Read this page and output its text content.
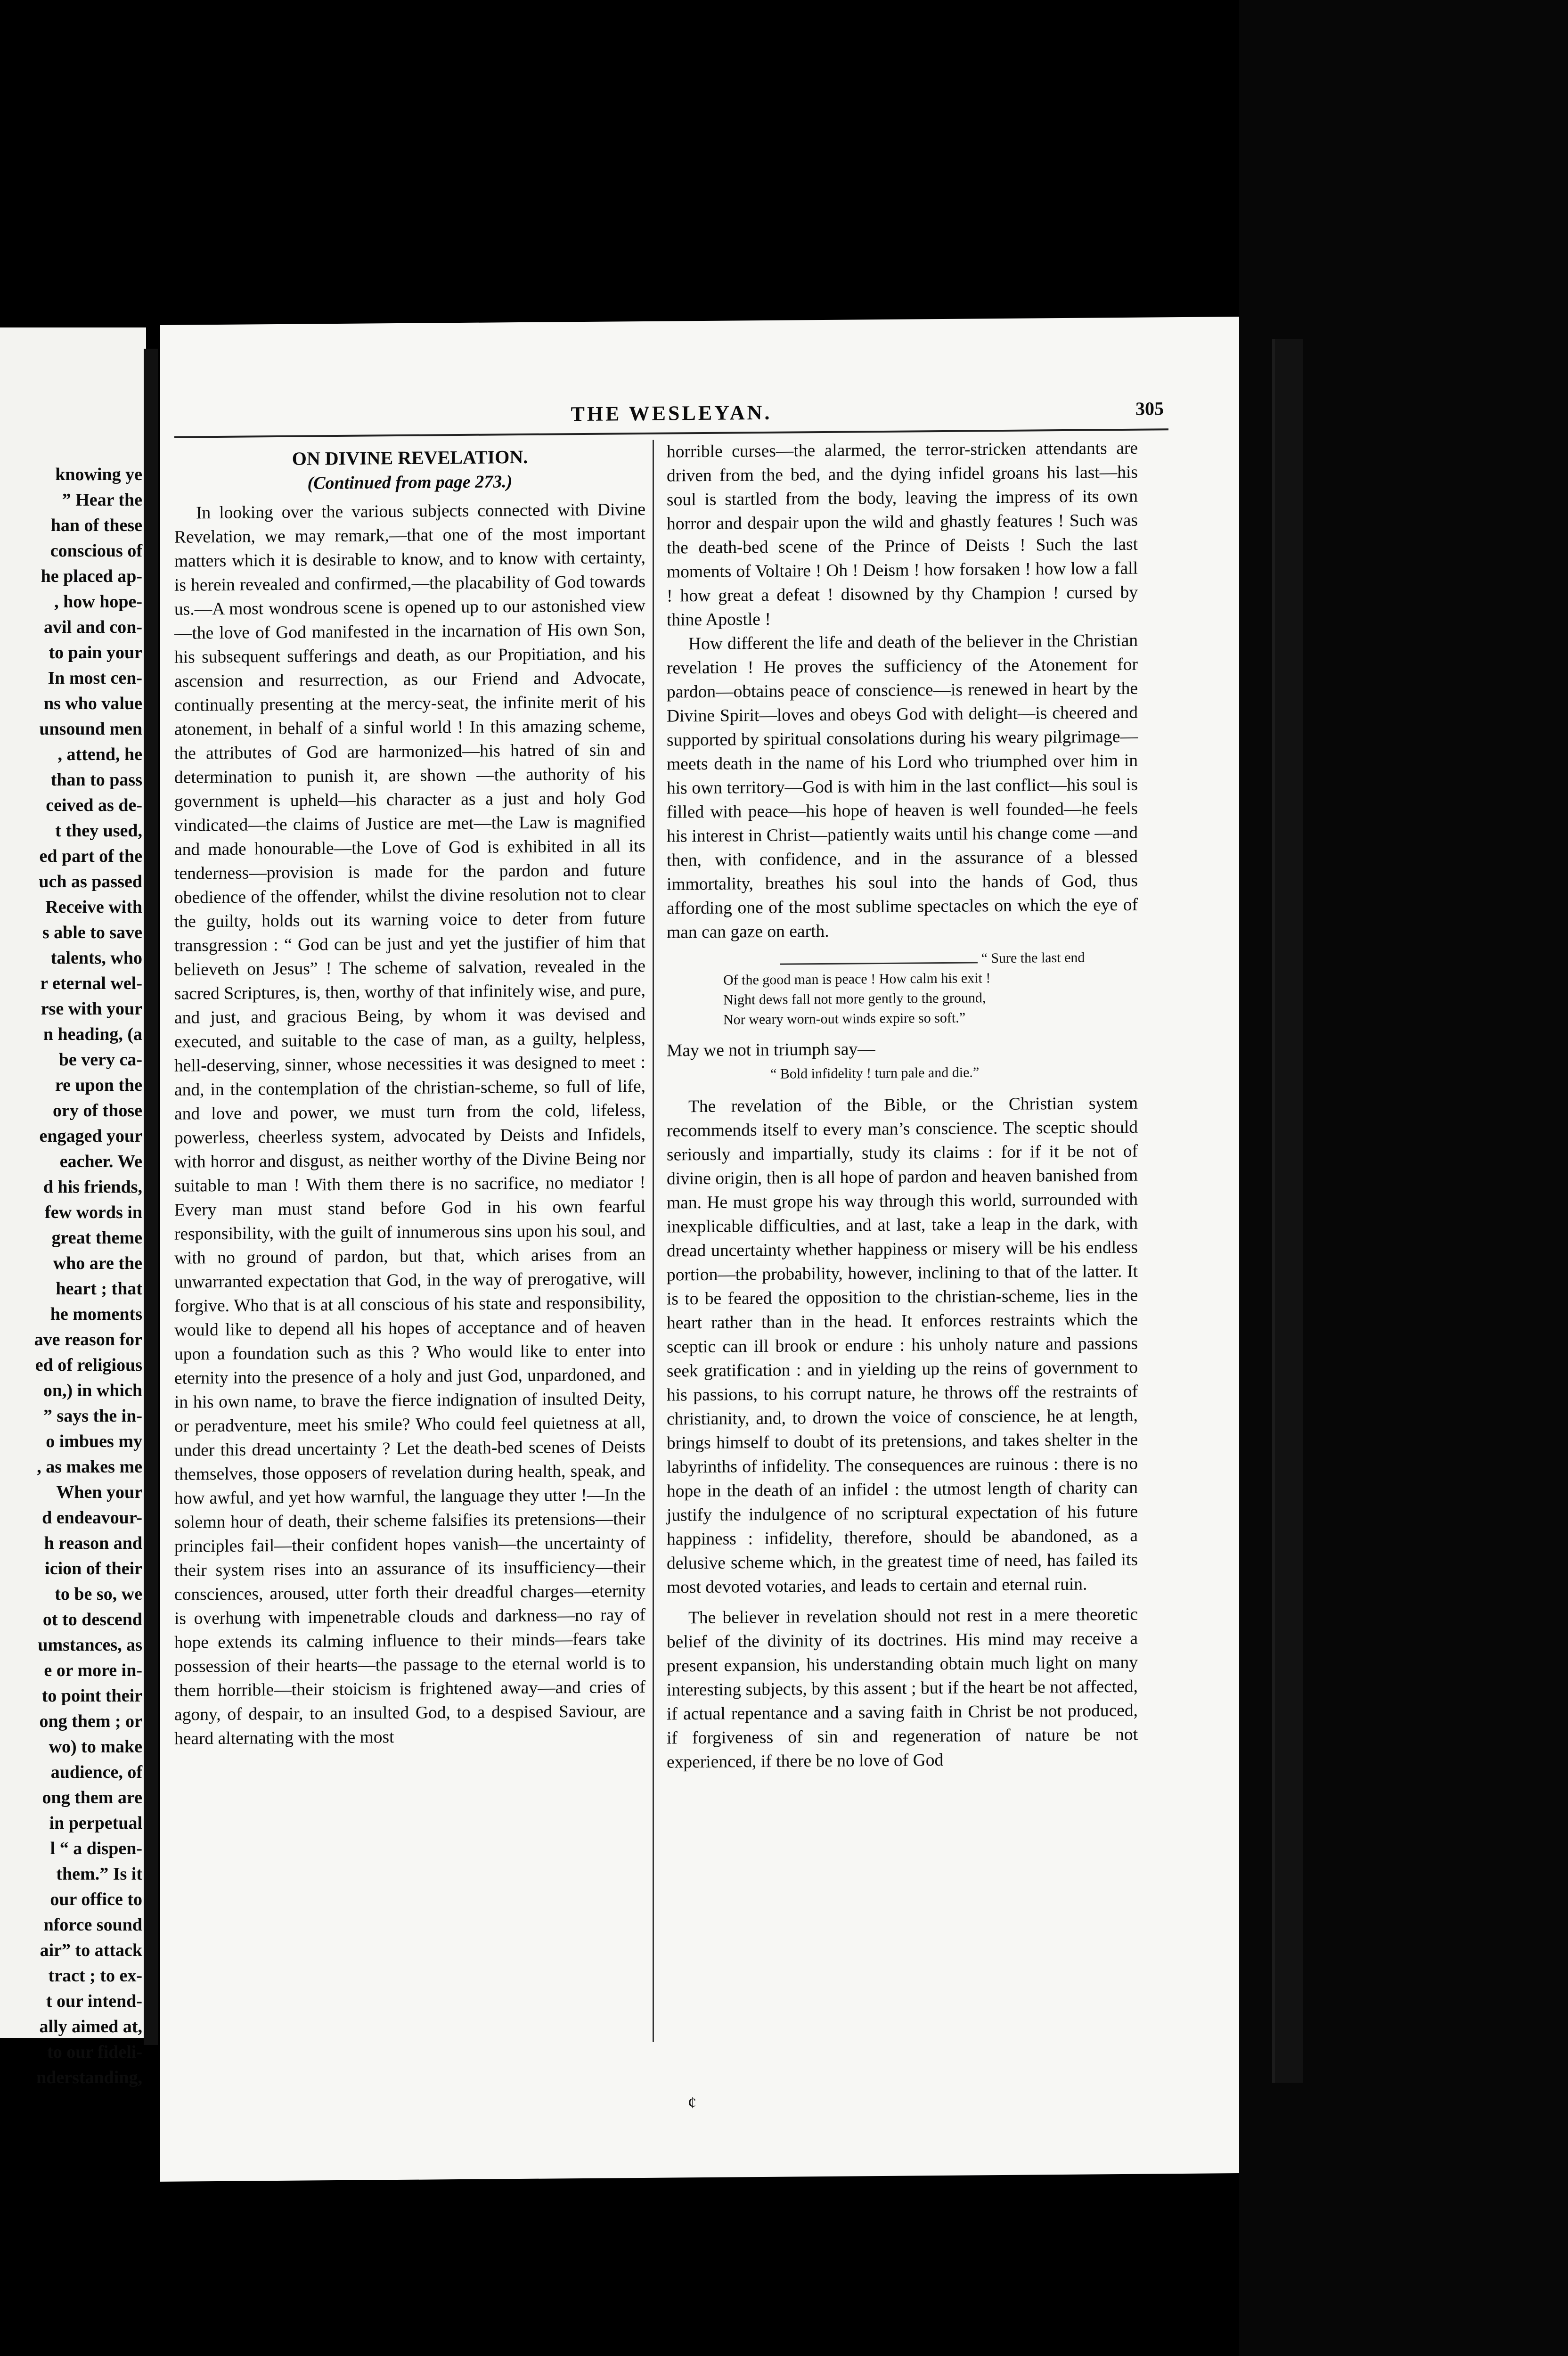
knowing ye
” Hear the
han of these
conscious of
he placed ap-
, how hope-
avil and con-
to pain your
In most cen-
ns who value
unsound men
, attend, he
than to pass
ceived as de-
t they used,
ed part of the
uch as passed
Receive with
s able to save
talents, who
r eternal wel-
rse with your
n heading, (a
be very ca-
re upon the
ory of those
engaged your
eacher. We
d his friends,
few words in
great theme
who are the
heart ; that
he moments
ave reason for
ed of religious
on,) in which
” says the in-
o imbues my
, as makes me
When your
d endeavour-
h reason and
icion of their
to be so, we
ot to descend
umstances, as
e or more in-
to point their
ong them ; or
wo) to make
audience, of
ong them are
in perpetual
l “ a dispen-
them.” Is it
our office to
nforce sound
air” to attack
tract ; to ex-
t our intend-
ally aimed at,
to our fideli-
nderstanding,
THE WESLEYAN.	305
ON DIVINE REVELATION.
(Continued from page 273.)

In looking over the various subjects connected with Divine Revelation, we may remark,—that one of the most important matters which it is desirable to know, and to know with certainty, is herein revealed and confirmed,—the placability of God towards us.—A most wondrous scene is opened up to our astonished view—the love of God manifested in the incarnation of His own Son, his subsequent sufferings and death, as our Propitiation, and his ascension and resurrection, as our Friend and Advocate, continually presenting at the mercy-seat, the infinite merit of his atonement, in behalf of a sinful world ! In this amazing scheme, the attributes of God are harmonized—his hatred of sin and determination to punish it, are shown —the authority of his government is upheld—his character as a just and holy God vindicated—the claims of Justice are met—the Law is magnified and made honourable—the Love of God is exhibited in all its tenderness—provision is made for the pardon and future obedience of the offender, whilst the divine resolution not to clear the guilty, holds out its warning voice to deter from future transgression : “ God can be just and yet the justifier of him that believeth on Jesus” ! The scheme of salvation, revealed in the sacred Scriptures, is, then, worthy of that infinitely wise, and pure, and just, and gracious Being, by whom it was devised and executed, and suitable to the case of man, as a guilty, helpless, hell-deserving, sinner, whose necessities it was designed to meet : and, in the contemplation of the christian-scheme, so full of life, and love and power, we must turn from the cold, lifeless, powerless, cheerless system, advocated by Deists and Infidels, with horror and disgust, as neither worthy of the Divine Being nor suitable to man ! With them there is no sacrifice, no mediator ! Every man must stand before God in his own fearful responsibility, with the guilt of innumerous sins upon his soul, and with no ground of pardon, but that, which arises from an unwarranted expectation that God, in the way of prerogative, will forgive. Who that is at all conscious of his state and responsibility, would like to depend all his hopes of acceptance and of heaven upon a foundation such as this ? Who would like to enter into eternity into the presence of a holy and just God, unpardoned, and in his own name, to brave the fierce indignation of insulted Deity, or peradventure, meet his smile? Who could feel quietness at all, under this dread uncertainty ? Let the death-bed scenes of Deists themselves, those opposers of revelation during health, speak, and how awful, and yet how warnful, the language they utter !—In the solemn hour of death, their scheme falsifies its pretensions—their principles fail—their confident hopes vanish—the uncertainty of their system rises into an assurance of its insufficiency—their consciences, aroused, utter forth their dreadful charges—eternity is overhung with impenetrable clouds and darkness—no ray of hope extends its calming influence to their minds—fears take possession of their hearts—the passage to the eternal world is to them horrible—their stoicism is frightened away—and cries of agony, of despair, to an insulted God, to a despised Saviour, are heard alternating with the most

horrible curses—the alarmed, the terror-stricken attendants are driven from the bed, and the dying infidel groans his last—his soul is startled from the body, leaving the impress of its own horror and despair upon the wild and ghastly features ! Such was the death-bed scene of the Prince of Deists ! Such the last moments of Voltaire ! Oh ! Deism ! how forsaken ! how low a fall ! how great a defeat ! disowned by thy Champion ! cursed by thine Apostle !

How different the life and death of the believer in the Christian revelation ! He proves the sufficiency of the Atonement for pardon—obtains peace of conscience—is renewed in heart by the Divine Spirit—loves and obeys God with delight—is cheered and supported by spiritual consolations during his weary pilgrimage—meets death in the name of his Lord who triumphed over him in his own territory—God is with him in the last conflict—his soul is filled with peace—his hope of heaven is well founded—he feels his interest in Christ—patiently waits until his change come —and then, with confidence, and in the assurance of a blessed immortality, breathes his soul into the hands of God, thus affording one of the most sublime spectacles on which the eye of man can gaze on earth.

“ Sure the last end
Of the good man is peace ! How calm his exit !
Night dews fall not more gently to the ground,
Nor weary worn-out winds expire so soft.”

May we not in triumph say—

“ Bold infidelity ! turn pale and die.”

The revelation of the Bible, or the Christian system recommends itself to every man’s conscience. The sceptic should seriously and impartially, study its claims : for if it be not of divine origin, then is all hope of pardon and heaven banished from man. He must grope his way through this world, surrounded with inexplicable difficulties, and at last, take a leap in the dark, with dread uncertainty whether happiness or misery will be his endless portion—the probability, however, inclining to that of the latter. It is to be feared the opposition to the christian-scheme, lies in the heart rather than in the head. It enforces restraints which the sceptic can ill brook or endure : his unholy nature and passions seek gratification : and in yielding up the reins of government to his passions, to his corrupt nature, he throws off the restraints of christianity, and, to drown the voice of conscience, he at length, brings himself to doubt of its pretensions, and takes shelter in the labyrinths of infidelity. The consequences are ruinous : there is no hope in the death of an infidel : the utmost length of charity can justify the indulgence of no scriptural expectation of his future happiness : infidelity, therefore, should be abandoned, as a delusive scheme which, in the greatest time of need, has failed its most devoted votaries, and leads to certain and eternal ruin.

The believer in revelation should not rest in a mere theoretic belief of the divinity of its doctrines. His mind may receive a present expansion, his understanding obtain much light on many interesting subjects, by this assent ; but if the heart be not affected, if actual repentance and a saving faith in Christ be not produced, if forgiveness of sin and regeneration of nature be not experienced, if there be no love of God

¢
